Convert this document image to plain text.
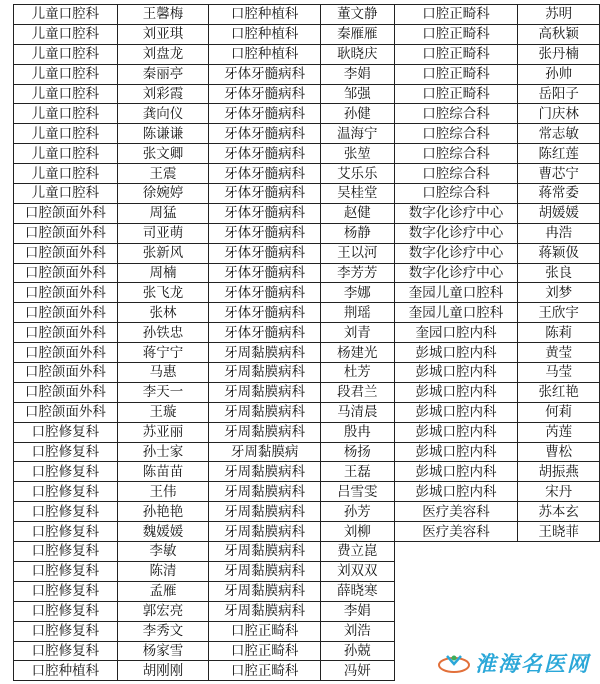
儿童口腔科	王馨梅	口腔种植科	董文静	口腔正畸科	苏明
儿童口腔科	刘亚琪	口腔种植科	秦雁雁	口腔正畸科	高秋颖
儿童口腔科	刘盘龙	口腔种植科	耿晓庆	口腔正畸科	张丹楠
儿童口腔科	秦丽亭	牙体牙髓病科	李娟	口腔正畸科	孙帅
儿童口腔科	刘彩霞	牙体牙髓病科	邹强	口腔正畸科	岳阳子
儿童口腔科	龚向仪	牙体牙髓病科	孙健	口腔综合科	门庆林
儿童口腔科	陈谦谦	牙体牙髓病科	温海宁	口腔综合科	常志敏
儿童口腔科	张文卿	牙体牙髓病科	张堃	口腔综合科	陈红莲
儿童口腔科	王震	牙体牙髓病科	艾乐乐	口腔综合科	曹芯宁
儿童口腔科	徐婉婷	牙体牙髓病科	吴桂堂	口腔综合科	蒋常委
口腔颌面外科	周猛	牙体牙髓病科	赵健	数字化诊疗中心	胡媛媛
口腔颌面外科	司亚萌	牙体牙髓病科	杨静	数字化诊疗中心	冉浩
口腔颌面外科	张新风	牙体牙髓病科	王以河	数字化诊疗中心	蒋颖伋
口腔颌面外科	周楠	牙体牙髓病科	李芳芳	数字化诊疗中心	张良
口腔颌面外科	张飞龙	牙体牙髓病科	李娜	奎园儿童口腔科	刘梦
口腔颌面外科	张林	牙体牙髓病科	荆瑶	奎园儿童口腔科	王欣宇
口腔颌面外科	孙铁忠	牙体牙髓病科	刘青	奎园口腔内科	陈莉
口腔颌面外科	蒋宁宁	牙周黏膜病科	杨建光	彭城口腔内科	黄莹
口腔颌面外科	马惠	牙周黏膜病科	杜芳	彭城口腔内科	马莹
口腔颌面外科	李天一	牙周黏膜病科	段君兰	彭城口腔内科	张红艳
口腔颌面外科	王璇	牙周黏膜病科	马清晨	彭城口腔内科	何莉
口腔修复科	苏亚丽	牙周黏膜病科	殷冉	彭城口腔内科	芮莲
口腔修复科	孙士家	牙周黏膜病	杨扬	彭城口腔内科	曹松
口腔修复科	陈苗苗	牙周黏膜病科	王磊	彭城口腔内科	胡振燕
口腔修复科	王伟	牙周黏膜病科	吕雪雯	彭城口腔内科	宋丹
口腔修复科	孙艳艳	牙周黏膜病科	孙芳	医疗美容科	苏本玄
口腔修复科	魏媛媛	牙周黏膜病科	刘柳	医疗美容科	王晓菲
口腔修复科	李敏	牙周黏膜病科	费立崑		
口腔修复科	陈清	牙周黏膜病科	刘双双		
口腔修复科	孟雁	牙周黏膜病科	薛晓寒		
口腔修复科	郭宏亮	牙周黏膜病科	李娟		
口腔修复科	李秀文	口腔正畸科	刘浩		
口腔修复科	杨家雪	口腔正畸科	孙兢		
口腔种植科	胡刚刚	口腔正畸科	冯妍			淮海名医网
